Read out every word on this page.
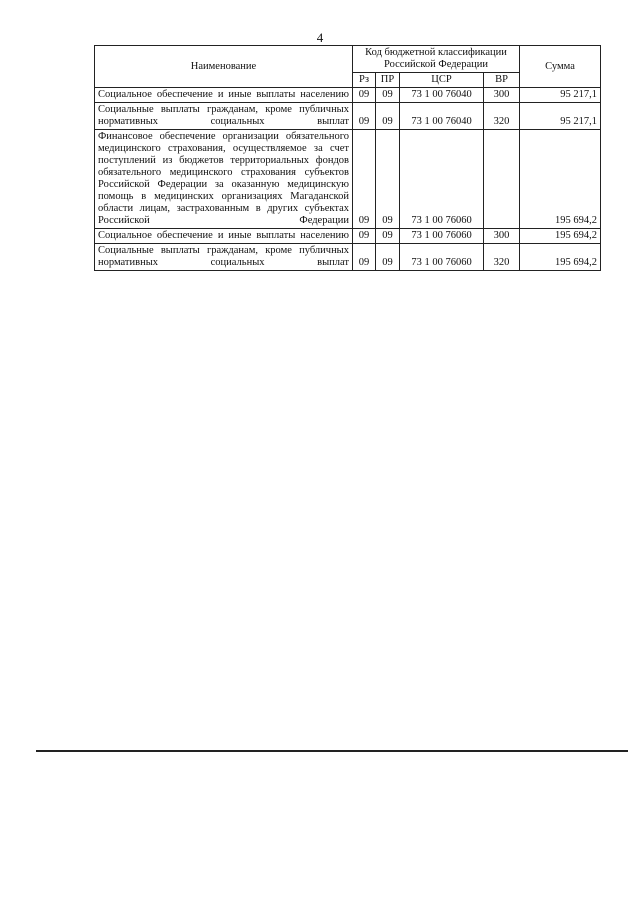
4
Наименование	Код бюджетной классификации Российской Федерации				Сумма
	Рз	ПР	ЦСР	ВР	
Социальное обеспечение и иные выплаты населению	09	09	73 1 00 76040	300	95 217,1
Социальные выплаты гражданам, кроме публичных нормативных социальных выплат	09	09	73 1 00 76040	320	95 217,1
Финансовое обеспечение организации обязательного медицинского страхования, осуществляемое за счет поступлений из бюджетов территориальных фондов обязательного медицинского страхования субъектов Российской Федерации за оказанную медицинскую помощь в медицинских организациях Магаданской области лицам, застрахованным в других субъектах Российской Федерации	09	09	73 1 00 76060		195 694,2
Социальное обеспечение и иные выплаты населению	09	09	73 1 00 76060	300	195 694,2
Социальные выплаты гражданам, кроме публичных нормативных социальных выплат	09	09	73 1 00 76060	320	195 694,2
